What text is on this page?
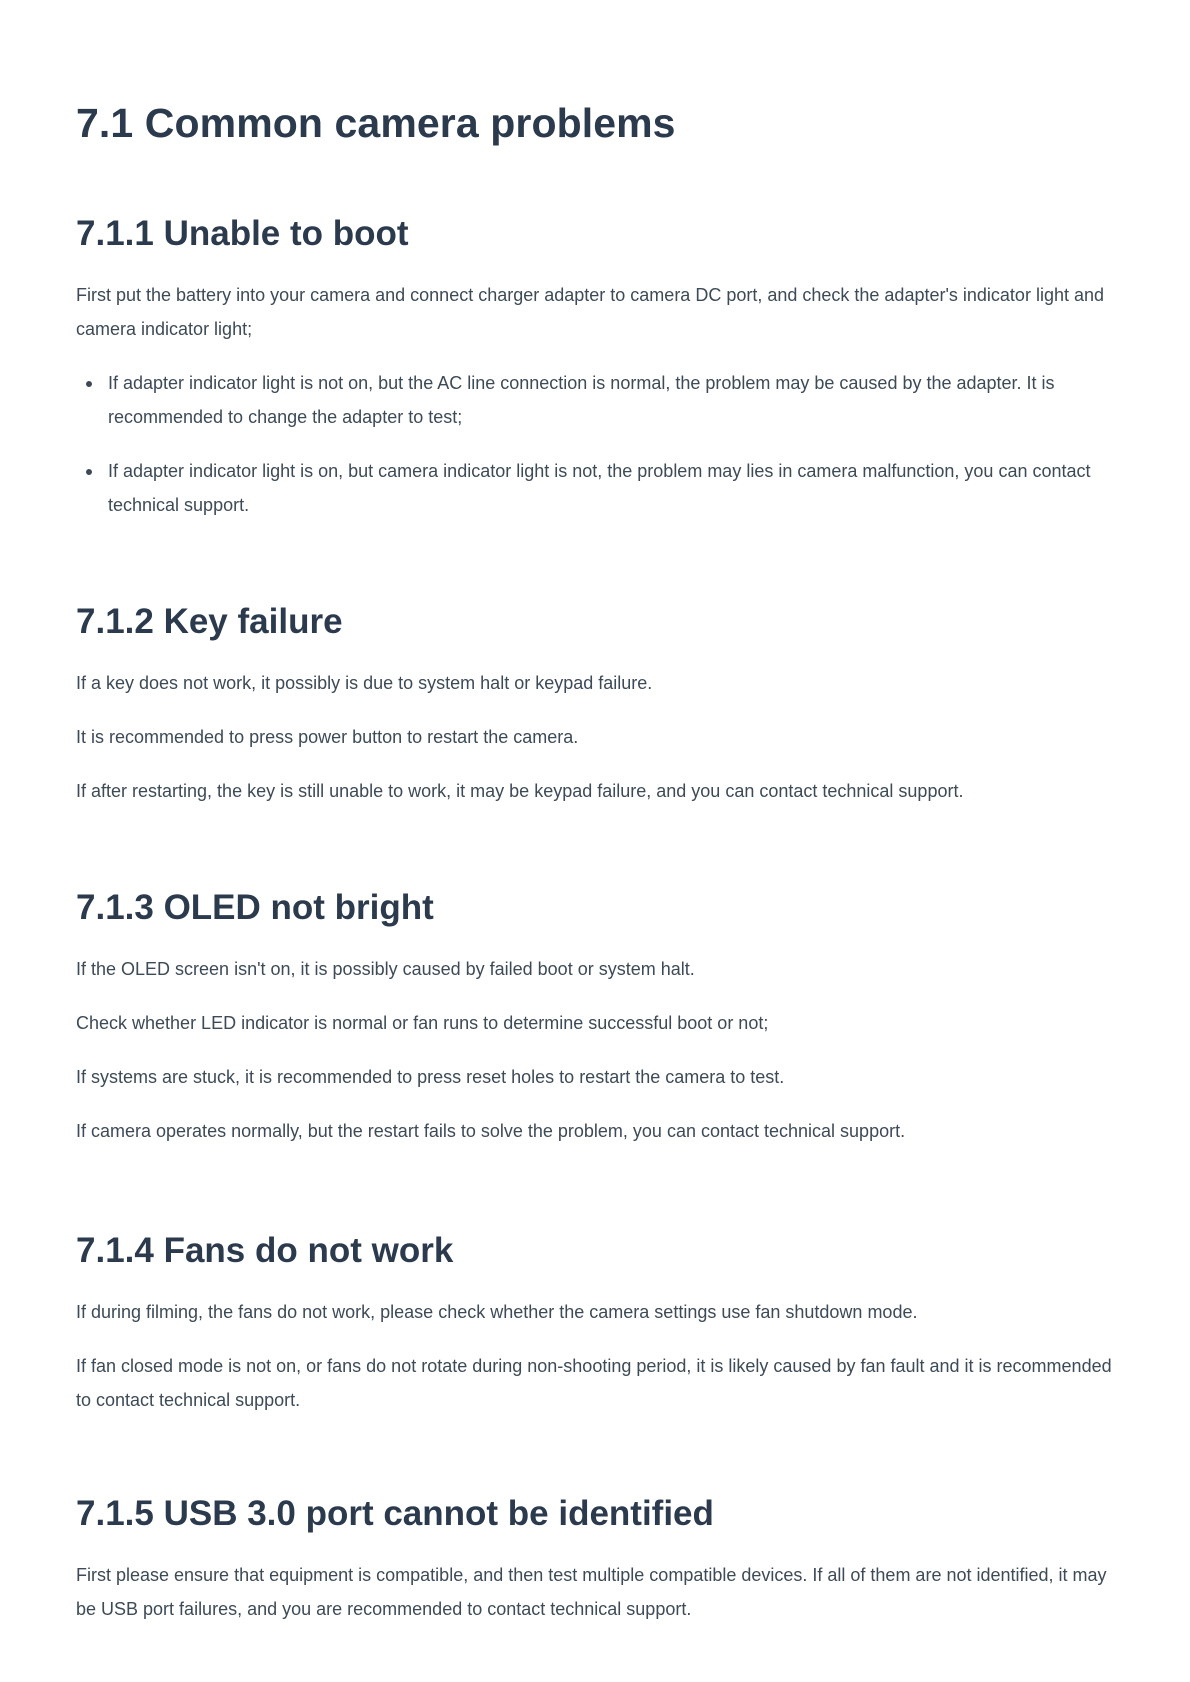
7.1 Common camera problems
7.1.1 Unable to boot

First put the battery into your camera and connect charger adapter to camera DC port, and check the adapter's indicator light and camera indicator light;

If adapter indicator light is not on, but the AC line connection is normal, the problem may be caused by the adapter. It is recommended to change the adapter to test;
If adapter indicator light is on, but camera indicator light is not, the problem may lies in camera malfunction, you can contact technical support.
7.1.2 Key failure

If a key does not work, it possibly is due to system halt or keypad failure.

It is recommended to press power button to restart the camera.

If after restarting, the key is still unable to work, it may be keypad failure, and you can contact technical support.

7.1.3 OLED not bright

If the OLED screen isn't on, it is possibly caused by failed boot or system halt.

Check whether LED indicator is normal or fan runs to determine successful boot or not;

If systems are stuck, it is recommended to press reset holes to restart the camera to test.

If camera operates normally, but the restart fails to solve the problem, you can contact technical support.

7.1.4 Fans do not work

If during filming, the fans do not work, please check whether the camera settings use fan shutdown mode.

If fan closed mode is not on, or fans do not rotate during non-shooting period, it is likely caused by fan fault and it is recommended to contact technical support.

7.1.5 USB 3.0 port cannot be identified

First please ensure that equipment is compatible, and then test multiple compatible devices. If all of them are not identified, it may be USB port failures, and you are recommended to contact technical support.
